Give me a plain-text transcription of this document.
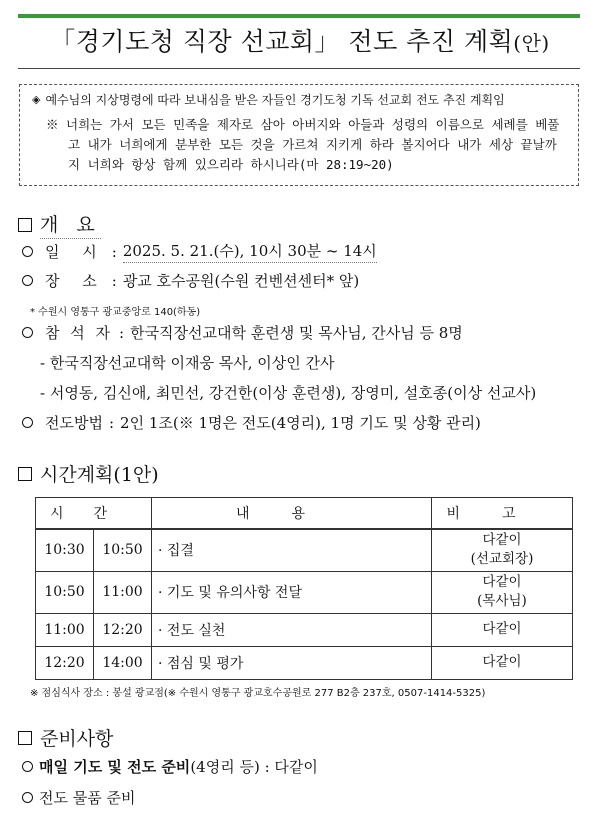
「경기도청 직장 선교회」 전도 추진 계획(안)
◈ 예수님의 지상명령에 따라 보내심을 받은 자들인 경기도청 기독 선교회 전도 추진 계획임
※ 너희는 가서 모든 민족을 제자로 삼아 아버지와 아들과 성령의 이름으로 세례를 베풀고 내가 너희에게 분부한 모든 것을 가르쳐 지키게 하라 볼지어다 내가 세상 끝날까지 너희와 항상 함께 있으리라 하시니라(마 28:19~20)
개 요
일 시 : 2025. 5. 21.(수), 10시 30분 ~ 14시
장 소 : 광교 호수공원(수원 컨벤션센터* 앞)
* 수원시 영통구 광교중앙로 140(하동)
참 석 자 : 한국직장선교대학 훈련생 및 목사님, 간사님 등 8명
- 한국직장선교대학 이재웅 목사, 이상인 간사
- 서영동, 김신애, 최민선, 강건한(이상 훈련생), 장영미, 설호종(이상 선교사)
전도방법 : 2인 1조(※ 1명은 전도(4영리), 1명 기도 및 상황 관리)
시간계획(1안)
시간		내용	비고
10:30	10:50	· 집결	다같이
(선교회장)

10:50	11:00	· 기도 및 유의사항 전달	다같이
(목사님)

11:00	12:20	· 전도 실천	다같이
12:20	14:00	· 점심 및 평가	다같이
※ 점심식사 장소 : 봉설 광교점(※ 수원시 영통구 광교호수공원로 277 B2층 237호, 0507-1414-5325)
준비사항
매일 기도 및 전도 준비 (4영리 등) : 다같이
전도 물품 준비
